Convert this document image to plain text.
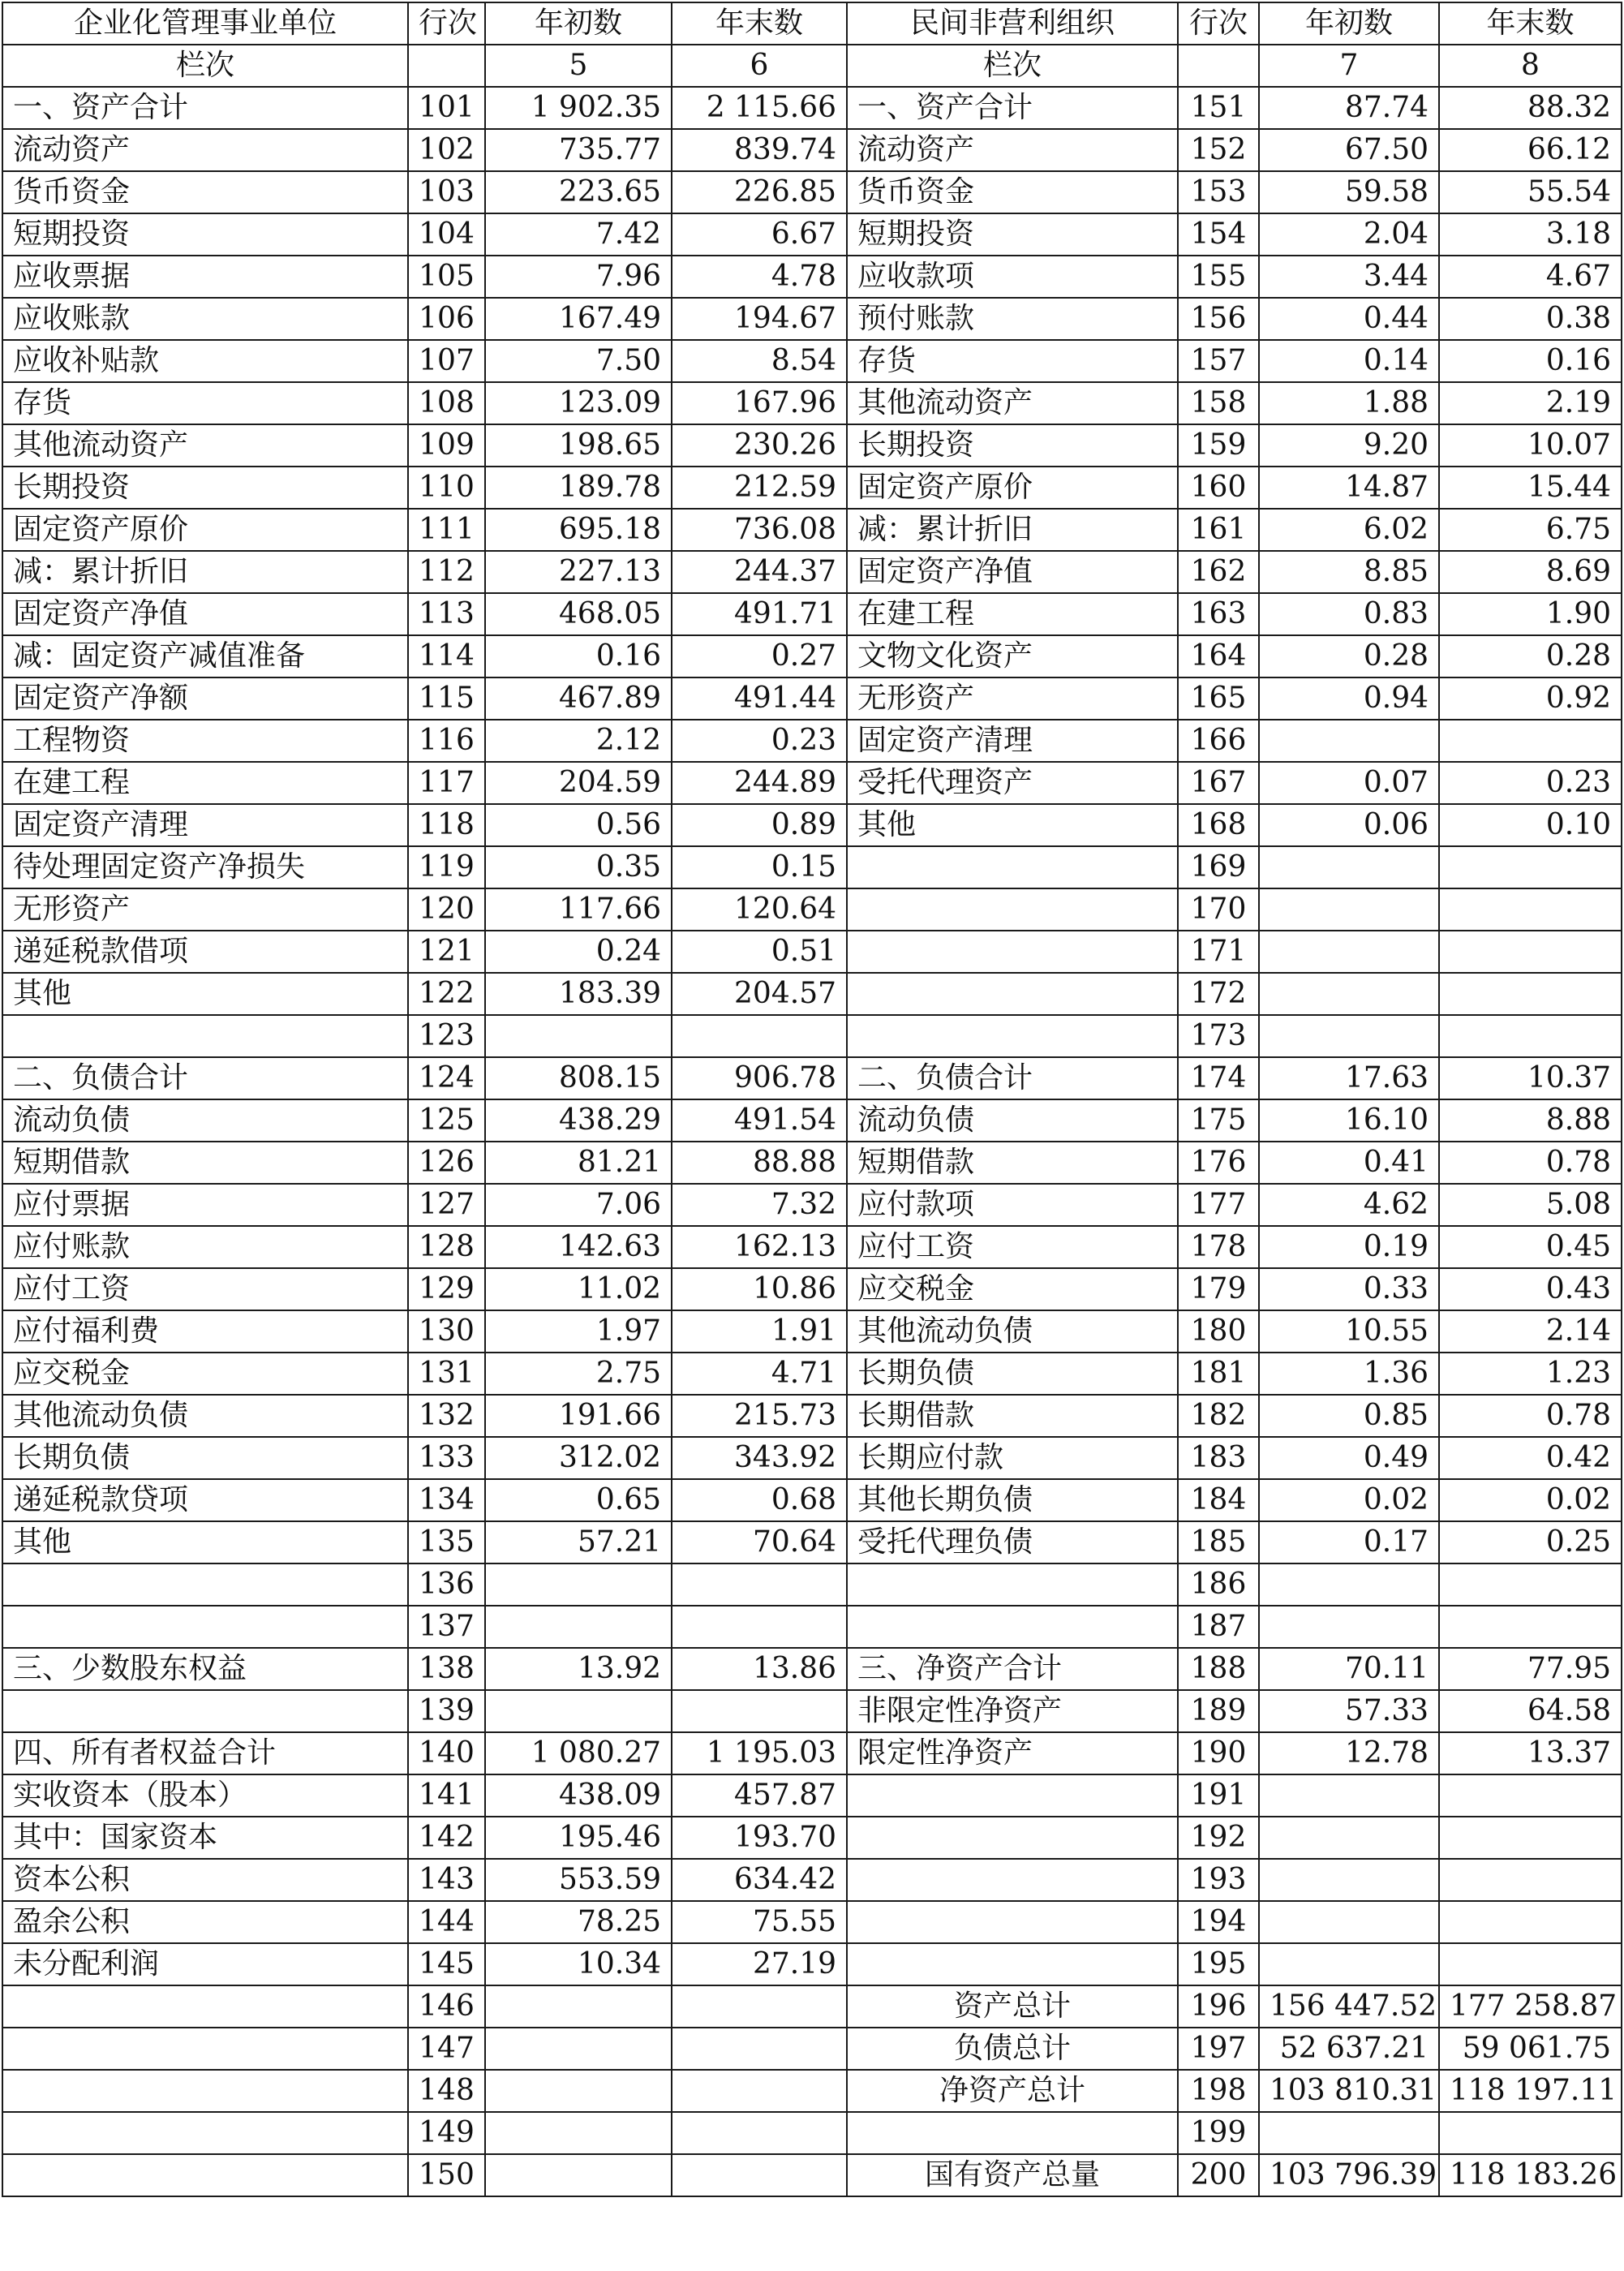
企业化管理事业单位	行次	年初数	年末数	民间非营利组织	行次	年初数	年末数
栏次		5	6	栏次		7	8
一、资产合计	101	1 902.35	2 115.66	一、资产合计	151	87.74	88.32
流动资产	102	735.77	839.74	流动资产	152	67.50	66.12
货币资金	103	223.65	226.85	货币资金	153	59.58	55.54
短期投资	104	7.42	6.67	短期投资	154	2.04	3.18
应收票据	105	7.96	4.78	应收款项	155	3.44	4.67
应收账款	106	167.49	194.67	预付账款	156	0.44	0.38
应收补贴款	107	7.50	8.54	存货	157	0.14	0.16
存货	108	123.09	167.96	其他流动资产	158	1.88	2.19
其他流动资产	109	198.65	230.26	长期投资	159	9.20	10.07
长期投资	110	189.78	212.59	固定资产原价	160	14.87	15.44
固定资产原价	111	695.18	736.08	减：累计折旧	161	6.02	6.75
减：累计折旧	112	227.13	244.37	固定资产净值	162	8.85	8.69
固定资产净值	113	468.05	491.71	在建工程	163	0.83	1.90
减：固定资产减值准备	114	0.16	0.27	文物文化资产	164	0.28	0.28
固定资产净额	115	467.89	491.44	无形资产	165	0.94	0.92
工程物资	116	2.12	0.23	固定资产清理	166		
在建工程	117	204.59	244.89	受托代理资产	167	0.07	0.23
固定资产清理	118	0.56	0.89	其他	168	0.06	0.10
待处理固定资产净损失	119	0.35	0.15		169		
无形资产	120	117.66	120.64		170		
递延税款借项	121	0.24	0.51		171		
其他	122	183.39	204.57		172		
	123				173		
二、负债合计	124	808.15	906.78	二、负债合计	174	17.63	10.37
流动负债	125	438.29	491.54	流动负债	175	16.10	8.88
短期借款	126	81.21	88.88	短期借款	176	0.41	0.78
应付票据	127	7.06	7.32	应付款项	177	4.62	5.08
应付账款	128	142.63	162.13	应付工资	178	0.19	0.45
应付工资	129	11.02	10.86	应交税金	179	0.33	0.43
应付福利费	130	1.97	1.91	其他流动负债	180	10.55	2.14
应交税金	131	2.75	4.71	长期负债	181	1.36	1.23
其他流动负债	132	191.66	215.73	长期借款	182	0.85	0.78
长期负债	133	312.02	343.92	长期应付款	183	0.49	0.42
递延税款贷项	134	0.65	0.68	其他长期负债	184	0.02	0.02
其他	135	57.21	70.64	受托代理负债	185	0.17	0.25
	136				186		
	137				187		
三、少数股东权益	138	13.92	13.86	三、净资产合计	188	70.11	77.95
	139			非限定性净资产	189	57.33	64.58
四、所有者权益合计	140	1 080.27	1 195.03	限定性净资产	190	12.78	13.37
实收资本（股本）	141	438.09	457.87		191		
其中：国家资本	142	195.46	193.70		192		
资本公积	143	553.59	634.42		193		
盈余公积	144	78.25	75.55		194		
未分配利润	145	10.34	27.19		195		
	146			资产总计	196	156 447.52	177 258.87
	147			负债总计	197	52 637.21	59 061.75
	148			净资产总计	198	103 810.31	118 197.11
	149				199		
	150			国有资产总量	200	103 796.39	118 183.26
